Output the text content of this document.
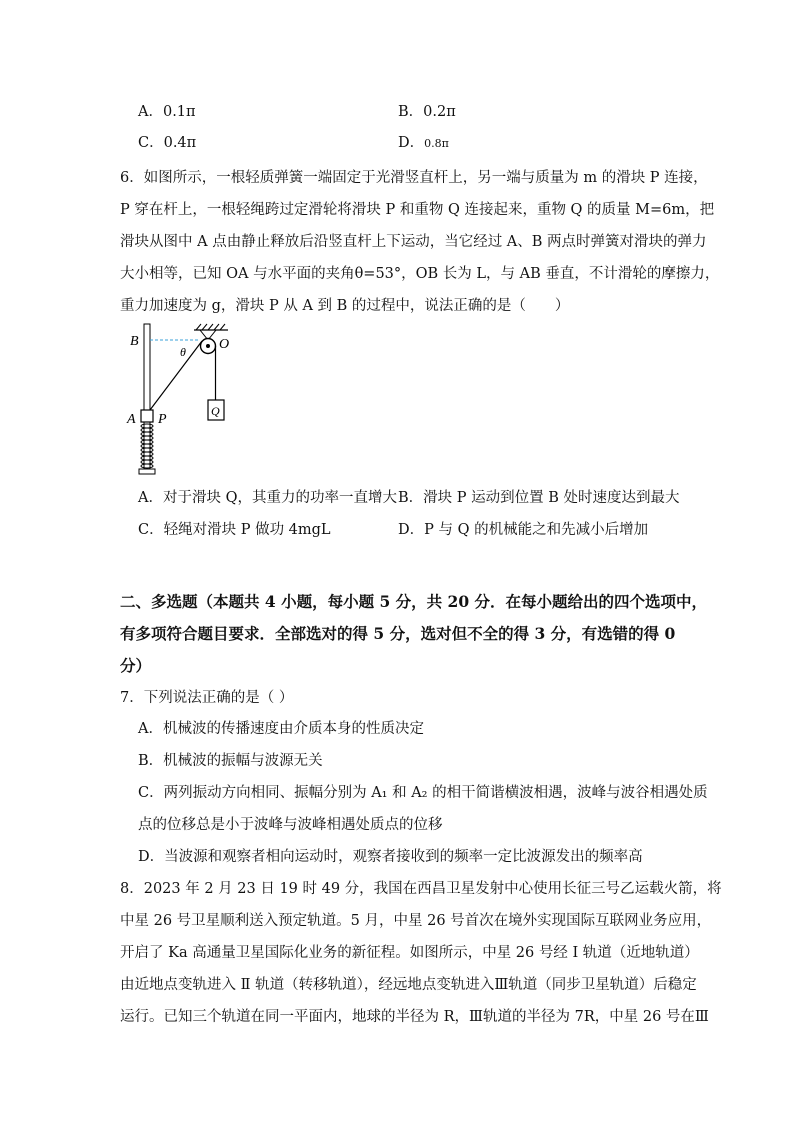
A．0.1π	B．0.2π
C．0.4π	D．0.8π
6．如图所示，一根轻质弹簧一端固定于光滑竖直杆上，另一端与质量为 m 的滑块 P 连接，
P 穿在杆上，一根轻绳跨过定滑轮将滑块 P 和重物 Q 连接起来，重物 Q 的质量 M=6m，把
滑块从图中 A 点由静止释放后沿竖直杆上下运动，当它经过 A、B 两点时弹簧对滑块的弹力
大小相等，已知 OA 与水平面的夹角θ=53°，OB 长为 L，与 AB 垂直，不计滑轮的摩擦力，
重力加速度为 g，滑块 P 从 A 到 B 的过程中，说法正确的是（　　）
B	O
θ
A P
Q
A．对于滑块 Q，其重力的功率一直增大 B．滑块 P 运动到位置 B 处时速度达到最大
C．轻绳对滑块 P 做功 4mgL	D．P 与 Q 的机械能之和先减小后增加
二、多选题（本题共 4 小题，每小题 5 分，共 20 分．在每小题给出的四个选项中，
有多项符合题目要求．全部选对的得 5 分，选对但不全的得 3 分，有选错的得 0
分）
7．下列说法正确的是（ ）
A．机械波的传播速度由介质本身的性质决定
B．机械波的振幅与波源无关
C．两列振动方向相同、振幅分别为 A₁ 和 A₂ 的相干简谐横波相遇，波峰与波谷相遇处质
点的位移总是小于波峰与波峰相遇处质点的位移
D．当波源和观察者相向运动时，观察者接收到的频率一定比波源发出的频率高
8．2023 年 2 月 23 日 19 时 49 分，我国在西昌卫星发射中心使用长征三号乙运载火箭，将
中星 26 号卫星顺利送入预定轨道。5 月，中星 26 号首次在境外实现国际互联网业务应用，
开启了 Ka 高通量卫星国际化业务的新征程。如图所示，中星 26 号经 Ⅰ 轨道（近地轨道）
由近地点变轨进入 Ⅱ 轨道（转移轨道），经远地点变轨进入Ⅲ轨道（同步卫星轨道）后稳定
运行。已知三个轨道在同一平面内，地球的半径为 R，Ⅲ轨道的半径为 7R，中星 26 号在Ⅲ
